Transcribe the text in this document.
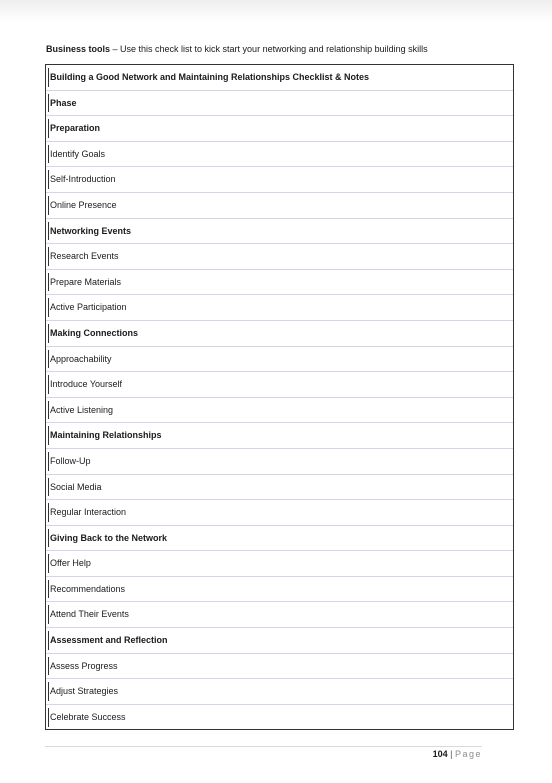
Business tools – Use this check list to kick start your networking and relationship building skills
Building a Good Network and Maintaining Relationships Checklist & Notes
Phase
Preparation
Identify Goals
Self-Introduction
Online Presence
Networking Events
Research Events
Prepare Materials
Active Participation
Making Connections
Approachability
Introduce Yourself
Active Listening
Maintaining Relationships
Follow-Up
Social Media
Regular Interaction
Giving Back to the Network
Offer Help
Recommendations
Attend Their Events
Assessment and Reflection
Assess Progress
Adjust Strategies
Celebrate Success
104 | Page
